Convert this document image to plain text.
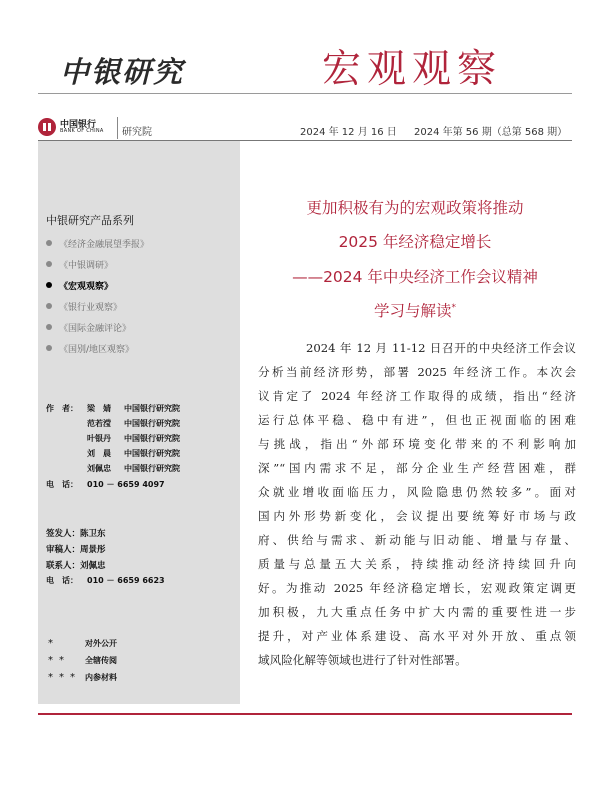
中银研究	宏观观察
中国银行
BANK OF CHINA 研究院	2024 年 12 月 16 日 2024 年第 56 期（总第 568 期）
中银研究产品系列
《经济金融展望季报》
《中银调研》
《宏观观察》
《银行业观察》
《国际金融评论》
《国别/地区观察》
作　者： 梁　婧 中国银行研究院
范若滢 中国银行研究院
叶银丹 中国银行研究院
刘　晨 中国银行研究院
刘佩忠 中国银行研究院
电　话： 010 － 6659 4097
签发人：陈卫东
审稿人：周景彤
联系人：刘佩忠
电　话： 010 － 6659 6623
*	对外公开
** 全辖传阅
*** 内参材料
更加积极有为的宏观政策将推动
2025 年经济稳定增长
——2024 年中央经济工作会议精神
学习与解读*
2024 年 12 月 11-12 日召开的中央经济工作会议
分析当前经济形势，部署 2025 年经济工作。本次会
议肯定了 2024 年经济工作取得的成绩，指出“经济
运行总体平稳、稳中有进”，但也正视面临的困难
与挑战，指出“外部环境变化带来的不利影响加
深”“国内需求不足，部分企业生产经营困难，群
众就业增收面临压力，风险隐患仍然较多”。面对
国内外形势新变化，会议提出要统筹好市场与政
府、供给与需求、新动能与旧动能、增量与存量、
质量与总量五大关系，持续推动经济持续回升向
好。为推动 2025 年经济稳定增长，宏观政策定调更
加积极，九大重点任务中扩大内需的重要性进一步
提升，对产业体系建设、高水平对外开放、重点领
域风险化解等领域也进行了针对性部署。
